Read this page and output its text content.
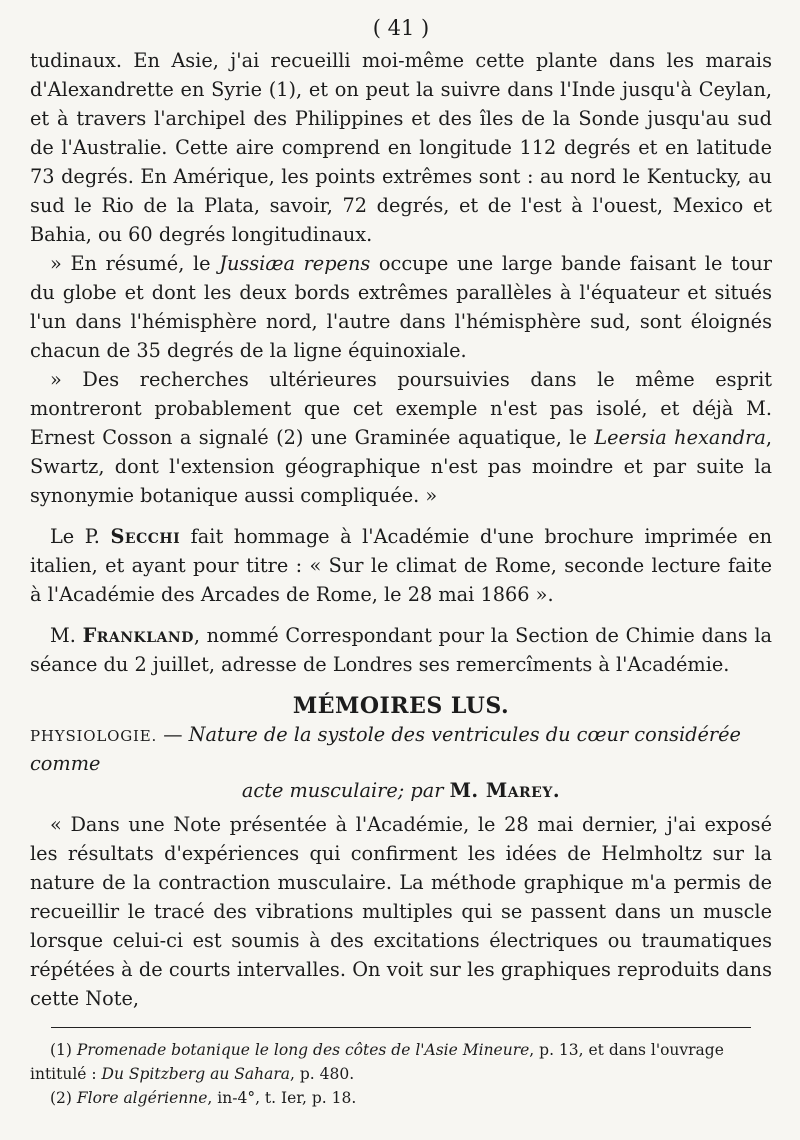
( 41 )

tudinaux. En Asie, j'ai recueilli moi-même cette plante dans les marais d'Alexandrette en Syrie (1), et on peut la suivre dans l'Inde jusqu'à Ceylan, et à travers l'archipel des Philippines et des îles de la Sonde jusqu'au sud de l'Australie. Cette aire comprend en longitude 112 degrés et en latitude 73 degrés. En Amérique, les points extrêmes sont : au nord le Kentucky, au sud le Rio de la Plata, savoir, 72 degrés, et de l'est à l'ouest, Mexico et Bahia, ou 60 degrés longitudinaux.

» En résumé, le Jussiæa repens occupe une large bande faisant le tour du globe et dont les deux bords extrêmes parallèles à l'équateur et situés l'un dans l'hémisphère nord, l'autre dans l'hémisphère sud, sont éloignés chacun de 35 degrés de la ligne équinoxiale.

» Des recherches ultérieures poursuivies dans le même esprit montreront probablement que cet exemple n'est pas isolé, et déjà M. Ernest Cosson a signalé (2) une Graminée aquatique, le Leersia hexandra, Swartz, dont l'extension géographique n'est pas moindre et par suite la synonymie botanique aussi compliquée. »

Le P. Secchi fait hommage à l'Académie d'une brochure imprimée en italien, et ayant pour titre : « Sur le climat de Rome, seconde lecture faite à l'Académie des Arcades de Rome, le 28 mai 1866 ».

M. Frankland, nommé Correspondant pour la Section de Chimie dans la séance du 2 juillet, adresse de Londres ses remercîments à l'Académie.

MÉMOIRES LUS.

PHYSIOLOGIE. — Nature de la systole des ventricules du cœur considérée comme
acte musculaire; par M. Marey.

« Dans une Note présentée à l'Académie, le 28 mai dernier, j'ai exposé les résultats d'expériences qui confirment les idées de Helmholtz sur la nature de la contraction musculaire. La méthode graphique m'a permis de recueillir le tracé des vibrations multiples qui se passent dans un muscle lorsque celui-ci est soumis à des excitations électriques ou traumatiques répétées à de courts intervalles. On voit sur les graphiques reproduits dans cette Note,

(1) Promenade botanique le long des côtes de l'Asie Mineure, p. 13, et dans l'ouvrage intitulé : Du Spitzberg au Sahara, p. 480.

(2) Flore algérienne, in-4°, t. Ier, p. 18.
